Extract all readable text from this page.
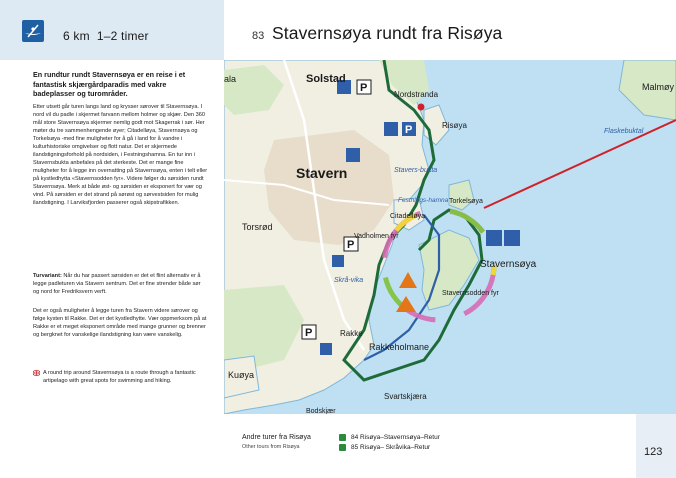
6 km 1–2 timer	83 Stavernsøya rundt fra Risøya
En rundtur rundt Stavernsøya er en reise i et fantastisk skjærgårdparadis med vakre badeplasser og turområder.
Etter utsett går turen langs land og krysser sørover til Stavernsøya. I nord vil du padle i skjermet farvann mellom holmer og skjær. Den 360 mål store Stavernsøya skjermer nemlig godt mot Skagerrak i sør. Her møter du tre sammenhengende øyer; Citadelløya, Stavernsøya og Torkelsøya -med fine muligheter for å gå i land for å vandre i kulturhistoriske omgivelser og flott natur. Det er skjermede ilandstigningsforhold på nordsiden, i Festningshamna. En tur inn i Stavernsbukta anbefales på det sterkeste. Det er mange fine muligheter for å legge inn overnatting på Stavernsøya, enten i telt eller på kystledhytta «Stavernsodden fyr». Videre følger du sørsiden rundt Stavernsøya. Merk at både øst- og sørsiden er eksponert for vær og vind. På sørsiden er det strand på sørøst og sørvestsiden for mulig ilandstigning. I Larviksfjorden passerer også skipstrafikken.
Turvariant: Når du har passert sørsiden er det et flint alternativ er å legge padleturen via Stavern sentrum. Det er fine strender både sør og nord for Fredriksvern verft.
Det er også muligheter å legge turen fra Stavern videre sørover og følge kysten til Rakke. Det er det kystledhytte. Vær oppmerksom på at Rakke er et meget eksponert område med mange grunner og brenner og bergknet for vanskelige ilandstigning kan være vanskelig.
A round trip around Stavernsøya is a route through a fantastic artipelago with great spots for swimming and hiking.
P
P
P
P
ala	Solstad
Nordstranda
Risøya
Stavern	Stavers-bukta
Festnings-hamna Torkelsøya
Citadelløya
Vadholmen fyr
Torsrød
Skrå-vika
Stavernsøya
Stavernsodden fyr
Rakke
Rakkeholmane
Kuøya
Svartskjæra
Bodskjær
Malmøy
Flaskebuktal
Andre turer fra Risøya
Other tours from Risøya
84 Risøya–Stavernsøya–Retur
85 Risøya– Skråvika–Retur	123
